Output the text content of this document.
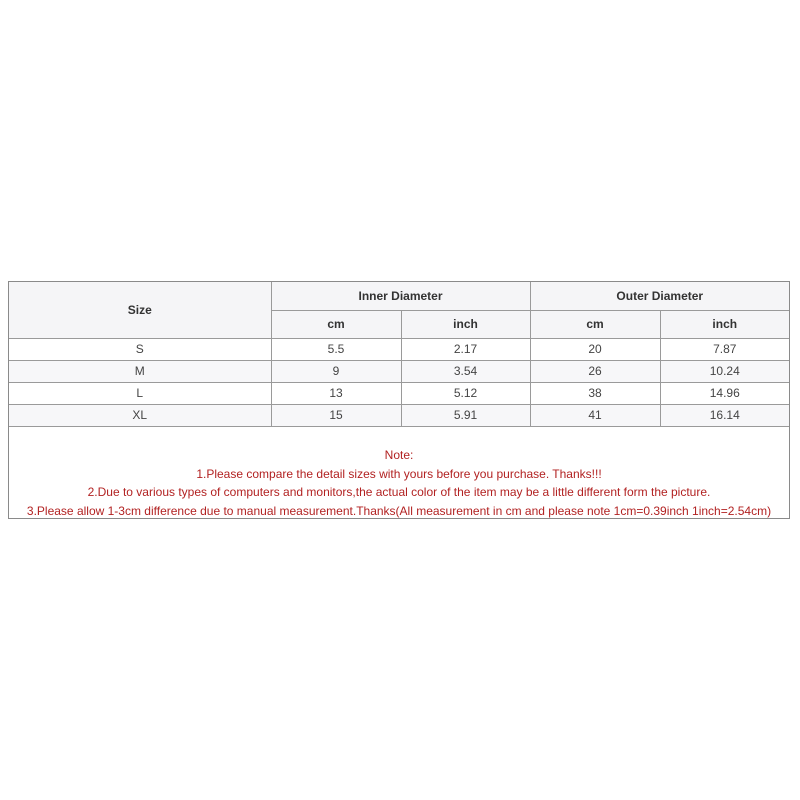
Size	Inner Diameter		Outer Diameter	
	cm	inch	cm	inch
S	5.5	2.17	20	7.87
M	9	3.54	26	10.24
L	13	5.12	38	14.96
XL	15	5.91	41	16.14
Note:
1.Please compare the detail sizes with yours before you purchase. Thanks!!!
2.Due to various types of computers and monitors,the actual color of the item may be a little different form the picture.
3.Please allow 1-3cm difference due to manual measurement.Thanks(All measurement in cm and please note 1cm=0.39inch 1inch=2.54cm)
